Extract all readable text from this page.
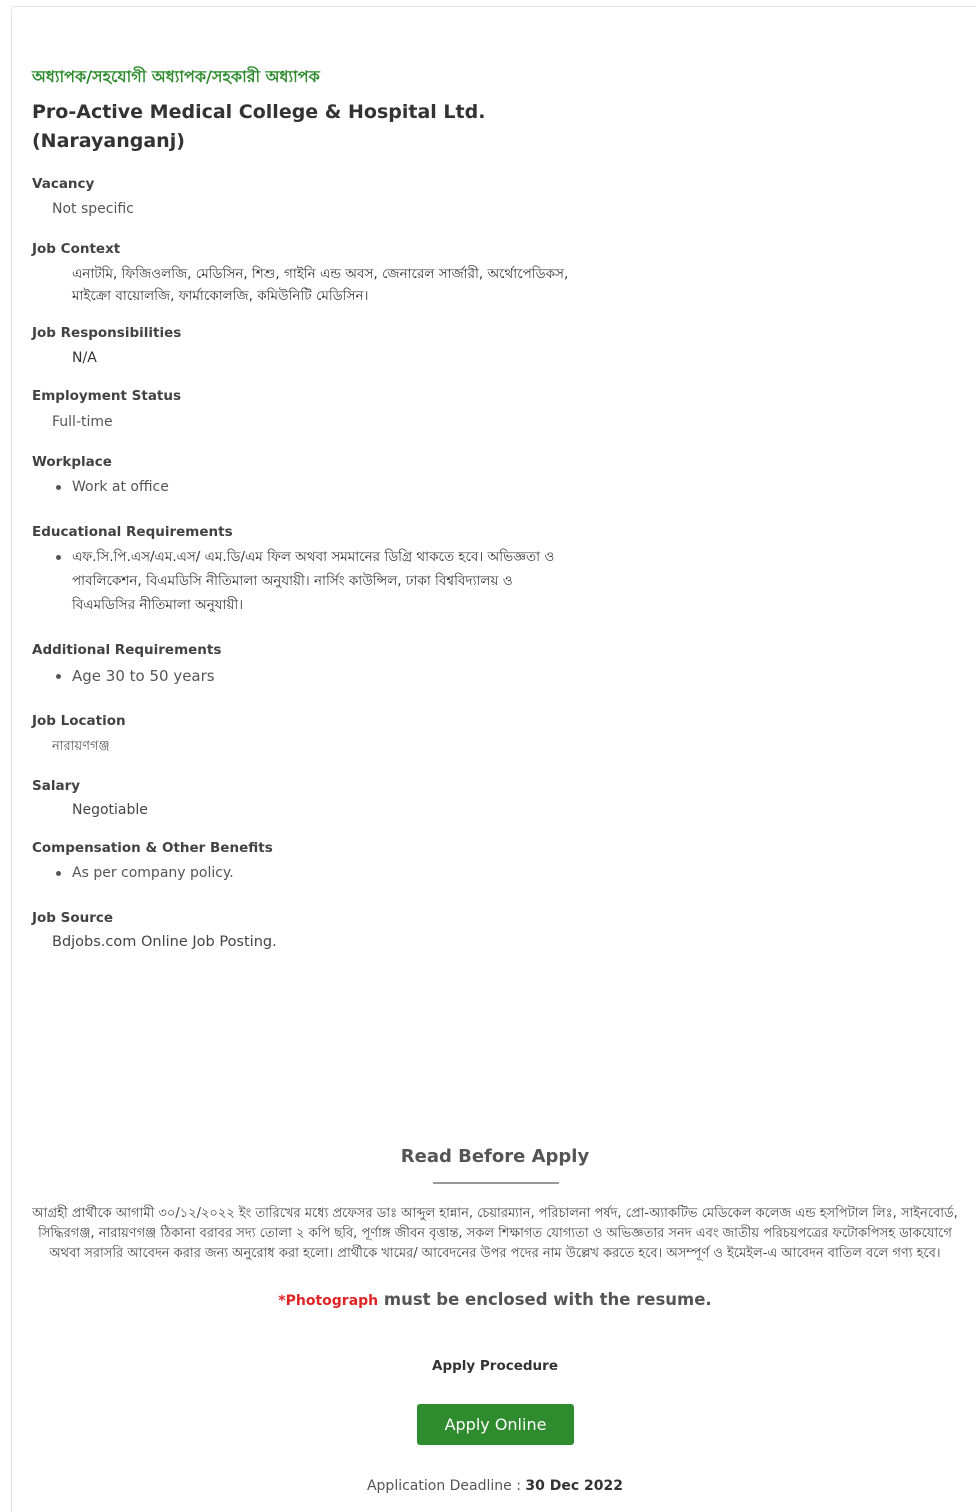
অধ্যাপক/সহযোগী অধ্যাপক/সহকারী অধ্যাপক
Pro-Active Medical College & Hospital Ltd. (Narayanganj)
Vacancy
Not specific
Job Context
এনাটমি, ফিজিওলজি, মেডিসিন, শিশু, গাইনি এন্ড অবস, জেনারেল সার্জারী, অর্থোপেডিকস,
মাইক্রো বায়োলজি, ফার্মাকোলজি, কমিউনিটি মেডিসিন।
Job Responsibilities
N/A
Employment Status
Full-time
Workplace
Work at office
Educational Requirements
এফ.সি.পি.এস/এম.এস/ এম.ডি/এম ফিল অথবা সমমানের ডিগ্রি থাকতে হবে। অভিজ্ঞতা ও
পাবলিকেশন, বিএমডিসি নীতিমালা অনুযায়ী। নার্সিং কাউন্সিল, ঢাকা বিশ্ববিদ্যালয় ও
বিএমডিসির নীতিমালা অনুযায়ী।
Additional Requirements
Age 30 to 50 years
Job Location
নারায়ণগঞ্জ
Salary
Negotiable
Compensation & Other Benefits
As per company policy.
Job Source
Bdjobs.com Online Job Posting.
Read Before Apply
আগ্রহী প্রার্থীকে আগামী ৩০/১২/২০২২ ইং তারিখের মধ্যে প্রফেসর ডাঃ আব্দুল হান্নান, চেয়ারম্যান, পরিচালনা পর্ষদ, প্রো-অ্যাকটিভ মেডিকেল কলেজ এন্ড হসপিটাল লিঃ, সাইনবোর্ড, সিদ্ধিরগঞ্জ, নারায়ণগঞ্জ ঠিকানা বরাবর সদ্য তোলা ২ কপি ছবি, পূর্ণাঙ্গ জীবন বৃত্তান্ত, সকল শিক্ষাগত যোগ্যতা ও অভিজ্ঞতার সনদ এবং জাতীয় পরিচয়পত্রের ফটোকপিসহ ডাকযোগে অথবা সরাসরি আবেদন করার জন্য অনুরোধ করা হলো। প্রার্থীকে খামের/ আবেদনের উপর পদের নাম উল্লেখ করতে হবে। অসম্পূর্ণ ও ইমেইল-এ আবেদন বাতিল বলে গণ্য হবে।
*Photograph must be enclosed with the resume.
Apply Procedure
Apply Online
Application Deadline : 30 Dec 2022
